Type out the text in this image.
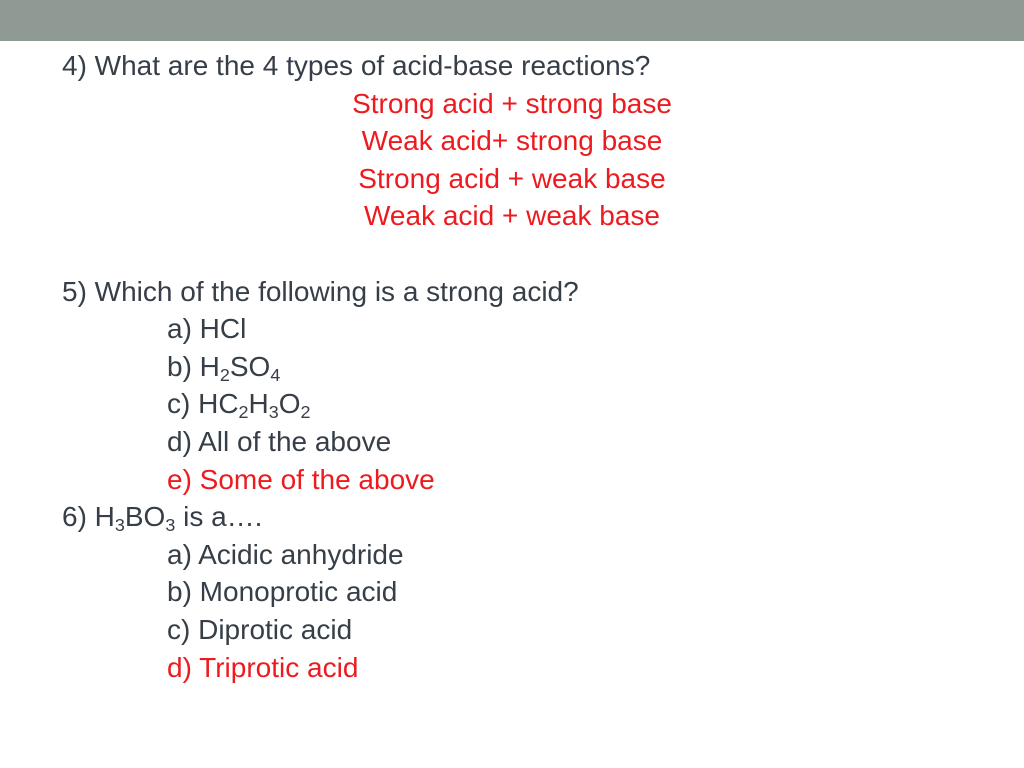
4) What are the 4 types of acid-base reactions?
Strong acid + strong base
Weak acid+ strong base
Strong acid + weak base
Weak acid + weak base
5) Which of the following is a strong acid?
a) HCl
b) $H_2SO_4$
c) $HC_2H_3O_2$
d) All of the above
e) Some of the above
6) $H_3BO_3$ is a….
a) Acidic anhydride
b) Monoprotic acid
c) Diprotic acid
d) Triprotic acid
